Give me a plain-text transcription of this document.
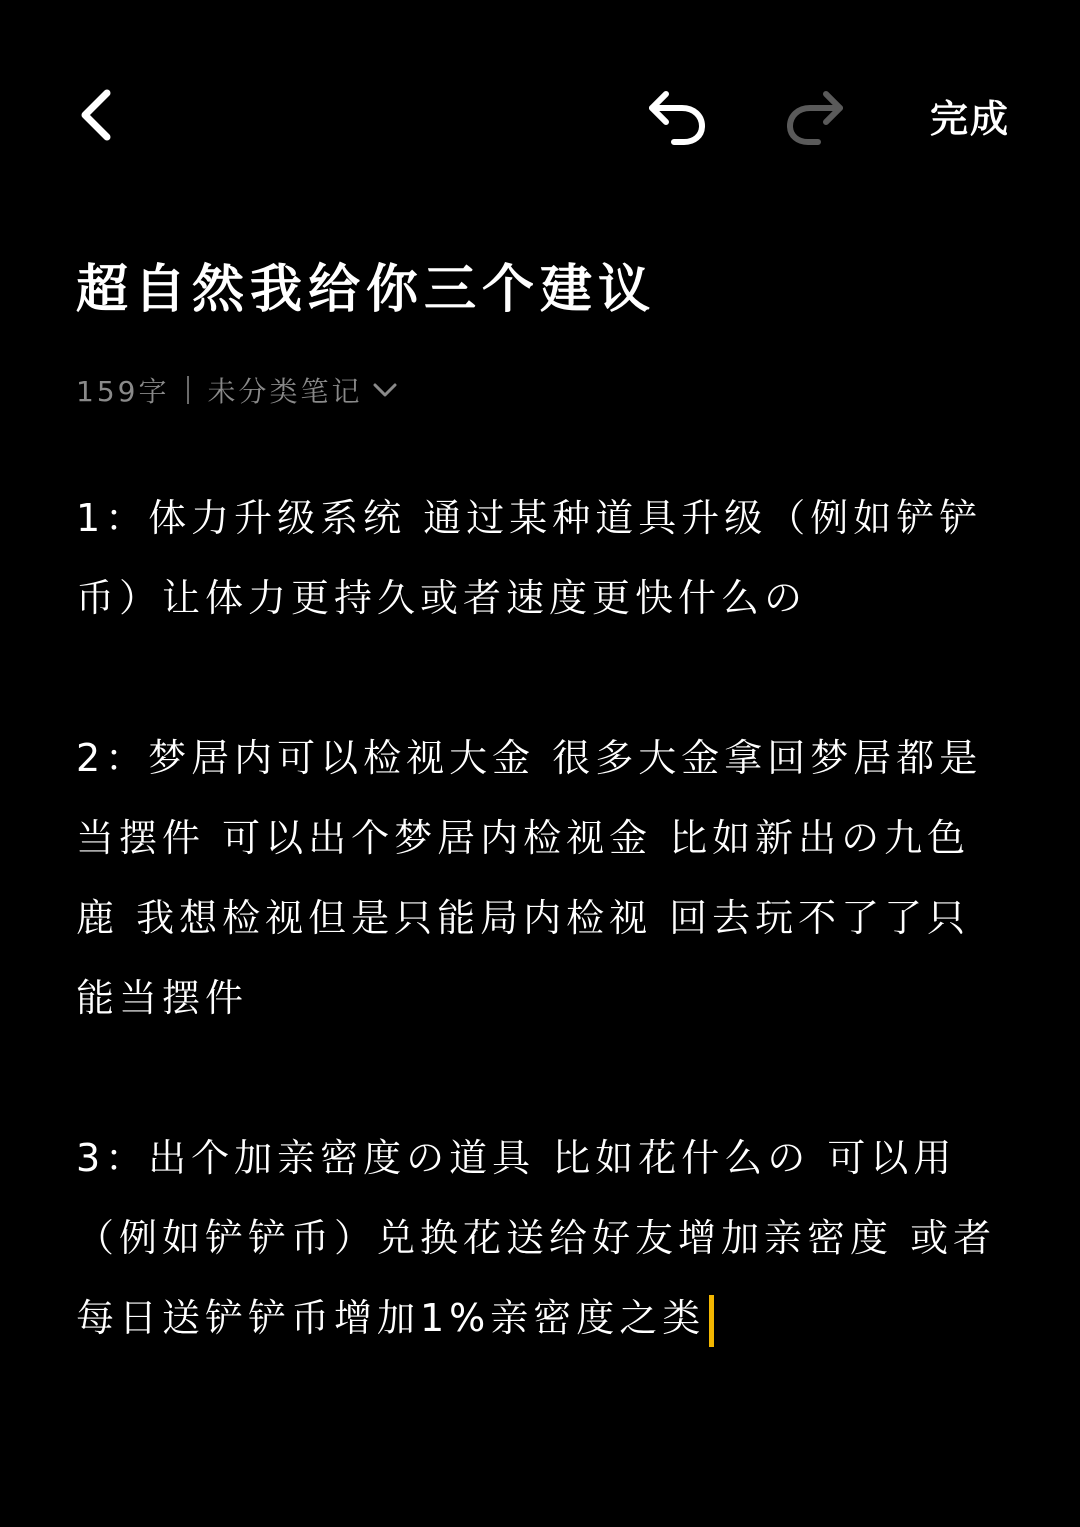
完成
超自然我给你三个建议
159字 未分类笔记

1：体力升级系统 通过某种道具升级（例如铲铲币）让体力更持久或者速度更快什么の

2：梦居内可以检视大金 很多大金拿回梦居都是当摆件 可以出个梦居内检视金 比如新出の九色鹿 我想检视但是只能局内检视 回去玩不了了只能当摆件

3：出个加亲密度の道具 比如花什么の 可以用（例如铲铲币）兑换花送给好友增加亲密度 或者每日送铲铲币增加1%亲密度之类
